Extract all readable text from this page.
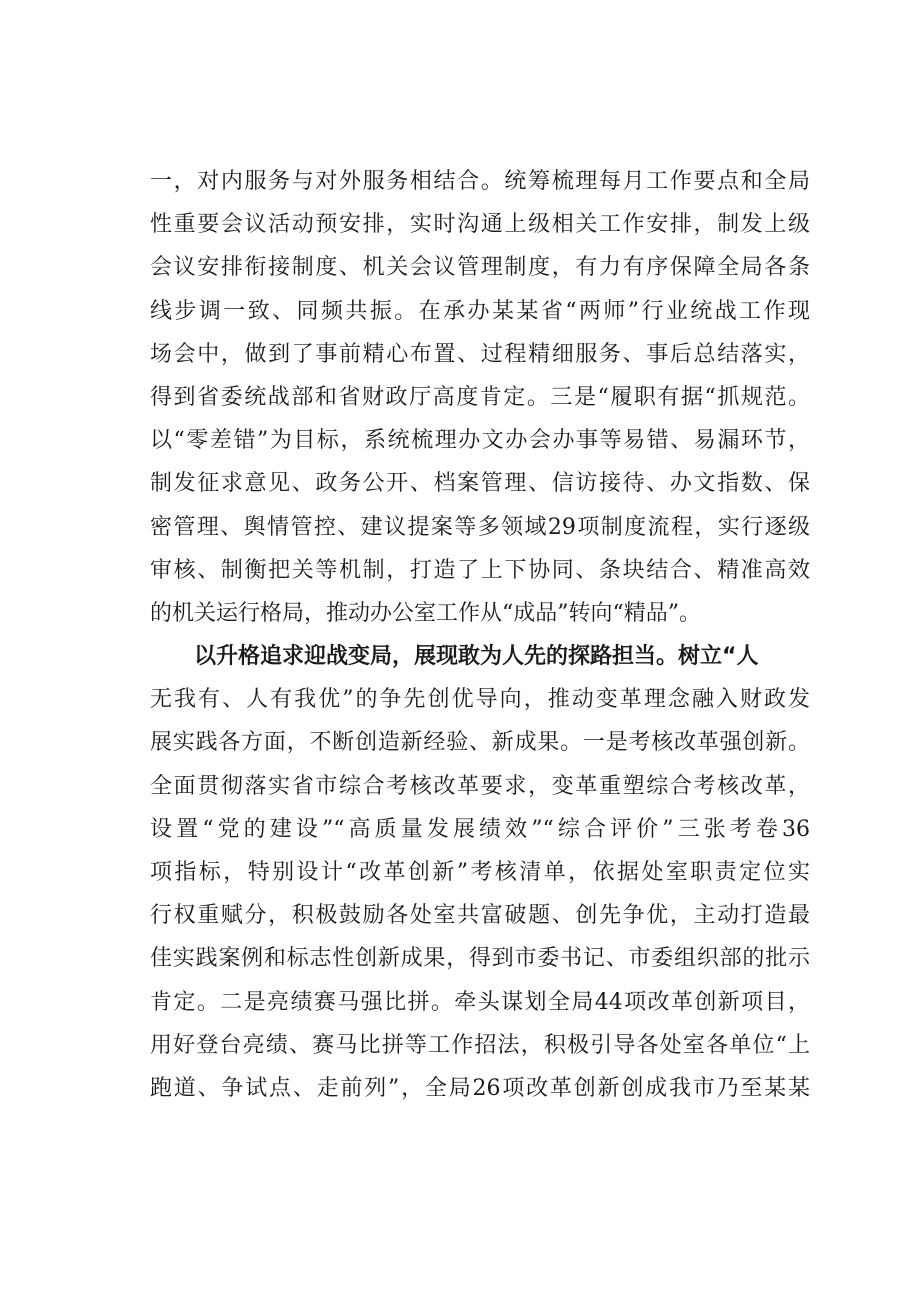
一，对内服务与对外服务相结合。统筹梳理每月工作要点和全局
性重要会议活动预安排，实时沟通上级相关工作安排，制发上级
会议安排衔接制度、机关会议管理制度，有力有序保障全局各条
线步调一致、同频共振。在承办某某省“两师”行业统战工作现
场会中，做到了事前精心布置、过程精细服务、事后总结落实，
得到省委统战部和省财政厅高度肯定。三是“履职有据“抓规范。
以“零差错”为目标，系统梳理办文办会办事等易错、易漏环节，
制发征求意见、政务公开、档案管理、信访接待、办文指数、保
密管理、舆情管控、建议提案等多领域29项制度流程，实行逐级
审核、制衡把关等机制，打造了上下协同、条块结合、精准高效
的机关运行格局，推动办公室工作从“成品”转向“精品”。
以升格追求迎战变局，展现敢为人先的探路担当。树立“人
无我有、人有我优”的争先创优导向，推动变革理念融入财政发
展实践各方面，不断创造新经验、新成果。一是考核改革强创新。
全面贯彻落实省市综合考核改革要求，变革重塑综合考核改革，
设置“党的建设”“高质量发展绩效”“综合评价”三张考卷36
项指标，特别设计“改革创新”考核清单，依据处室职责定位实
行权重赋分，积极鼓励各处室共富破题、创先争优，主动打造最
佳实践案例和标志性创新成果，得到市委书记、市委组织部的批示
肯定。二是亮绩赛马强比拼。牵头谋划全局44项改革创新项目，
用好登台亮绩、赛马比拼等工作招法，积极引导各处室各单位“上
跑道、争试点、走前列”，全局26项改革创新创成我市乃至某某
